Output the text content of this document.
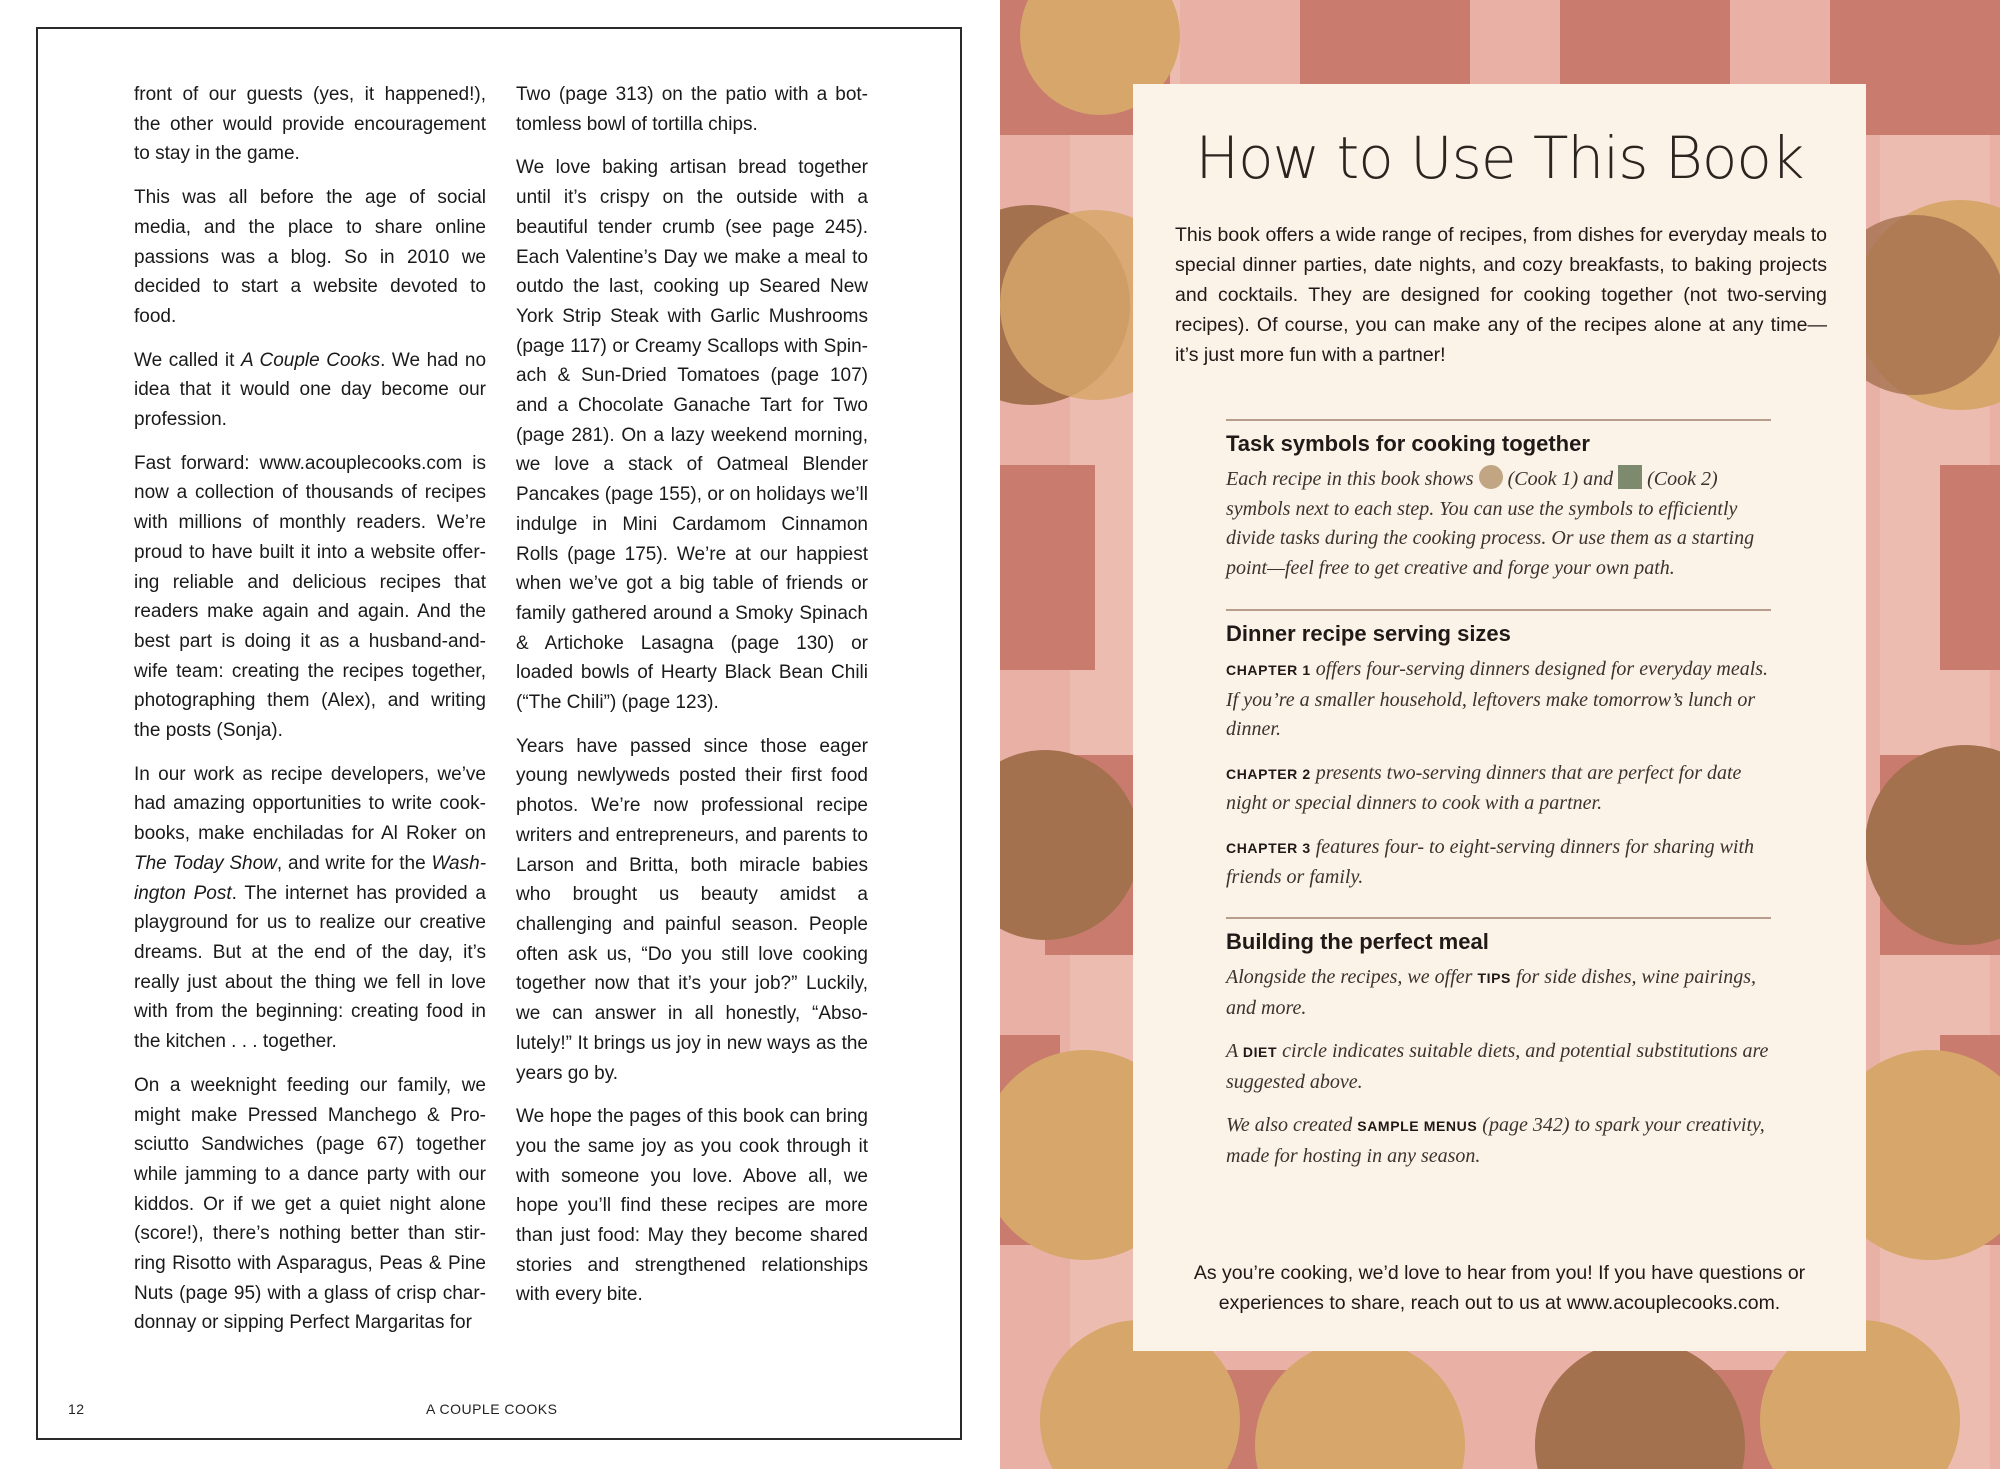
front of our guests (yes, it happened!), the other would provide encouragement to stay in the game.

This was all before the age of social media, and the place to share online passions was a blog. So in 2010 we decided to start a website devoted to food.

We called it A Couple Cooks. We had no idea that it would one day become our profession.

Fast forward: www.acouplecooks.com is now a collection of thousands of recipes with millions of monthly readers. We’re proud to have built it into a website offering reliable and delicious recipes that readers make again and again. And the best part is doing it as a husband-and-wife team: creating the recipes together, photographing them (Alex), and writing the posts (Sonja).

In our work as recipe developers, we’ve had amazing opportunities to write cookbooks, make enchiladas for Al Roker on The Today Show, and write for the Washington Post. The internet has provided a playground for us to realize our creative dreams. But at the end of the day, it’s really just about the thing we fell in love with from the beginning: creating food in the kitchen . . . together.

On a weeknight feeding our family, we might make Pressed Manchego & Prosciutto Sandwiches (page 67) together while jamming to a dance party with our kiddos. Or if we get a quiet night alone (score!), there’s nothing better than stirring Risotto with Asparagus, Peas & Pine Nuts (page 95) with a glass of crisp chardonnay or sipping Perfect Margaritas for

Two (page 313) on the patio with a bottomless bowl of tortilla chips.

We love baking artisan bread together until it’s crispy on the outside with a beautiful tender crumb (see page 245). Each Valentine’s Day we make a meal to outdo the last, cooking up Seared New York Strip Steak with Garlic Mushrooms (page 117) or Creamy Scallops with Spinach & Sun-Dried Tomatoes (page 107) and a Chocolate Ganache Tart for Two (page 281). On a lazy weekend morning, we love a stack of Oatmeal Blender Pancakes (page 155), or on holidays we’ll indulge in Mini Cardamom Cinnamon Rolls (page 175). We’re at our happiest when we’ve got a big table of friends or family gathered around a Smoky Spinach & Artichoke Lasagna (page 130) or loaded bowls of Hearty Black Bean Chili (“The Chili”) (page 123).

Years have passed since those eager young newlyweds posted their first food photos. We’re now professional recipe writers and entrepreneurs, and parents to Larson and Britta, both miracle babies who brought us beauty amidst a challenging and painful season. People often ask us, “Do you still love cooking together now that it’s your job?” Luckily, we can answer in all honestly, “Absolutely!” It brings us joy in new ways as the years go by.

We hope the pages of this book can bring you the same joy as you cook through it with someone you love. Above all, we hope you’ll find these recipes are more than just food: May they become shared stories and strengthened relationships with every bite.

12	A COUPLE COOKS
How to Use This Book

This book offers a wide range of recipes, from dishes for everyday meals to special dinner parties, date nights, and cozy breakfasts, to baking projects and cocktails. They are designed for cooking together (not two-serving recipes). Of course, you can make any of the recipes alone at any time—it’s just more fun with a partner!

Task symbols for cooking together

Each recipe in this book shows  (Cook 1) and  (Cook 2) symbols next to each step. You can use the symbols to efficiently divide tasks during the cooking process. Or use them as a starting point—feel free to get creative and forge your own path.

Dinner recipe serving sizes

CHAPTER 1 offers four-serving dinners designed for everyday meals. If you’re a smaller household, leftovers make tomorrow’s lunch or dinner.

CHAPTER 2 presents two-serving dinners that are perfect for date night or special dinners to cook with a partner.

CHAPTER 3 features four- to eight-serving dinners for sharing with friends or family.

Building the perfect meal

Alongside the recipes, we offer TIPS for side dishes, wine pairings, and more.

A DIET circle indicates suitable diets, and potential substitutions are suggested above.

We also created SAMPLE MENUS (page 342) to spark your creativity, made for hosting in any season.

As you’re cooking, we’d love to hear from you! If you have questions or experiences to share, reach out to us at www.acouplecooks.com.
